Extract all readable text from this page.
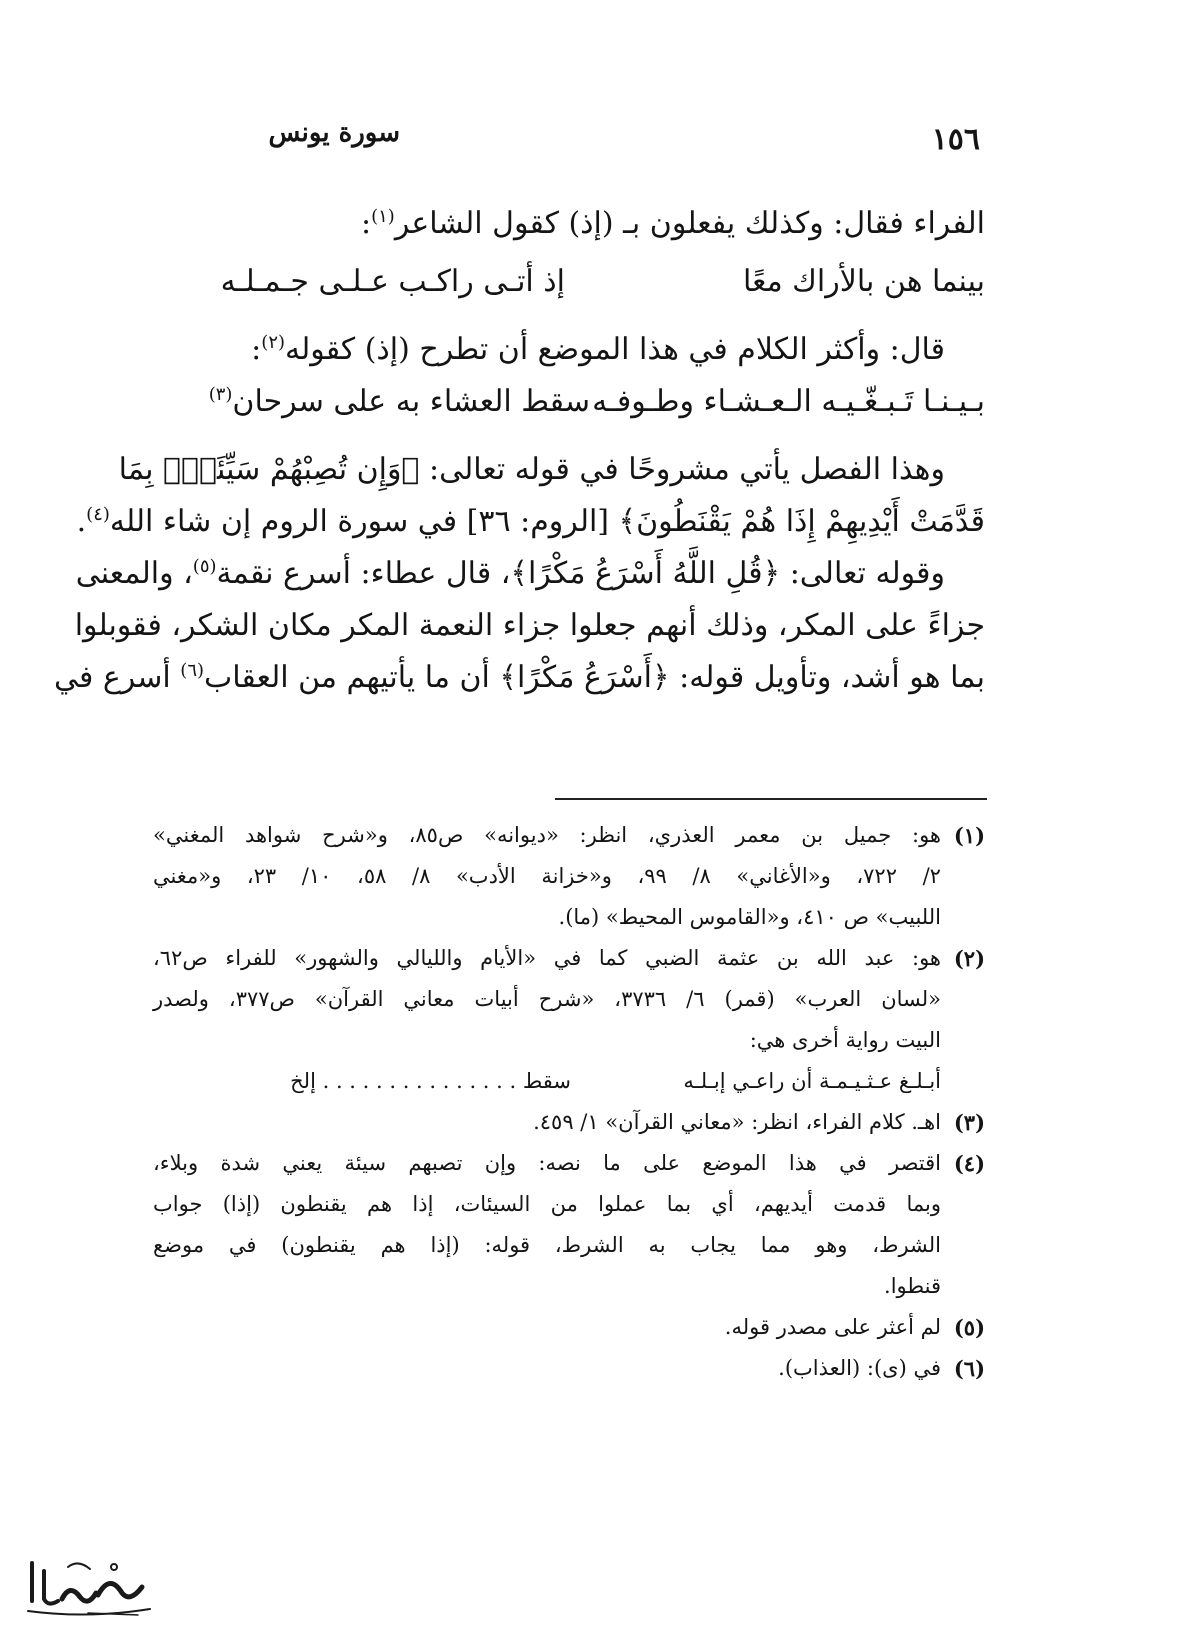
سورة يونس	١٥٦
الفراء فقال: وكذلك يفعلون بـ (إذ) كقول الشاعر$^{(١)}$:
بينما هن بالأراك معًا
إذ أتـى راكـب عـلـى جـمـلـه
قال: وأكثر الكلام في هذا الموضع أن تطرح (إذ) كقوله$^{(٢)}$:
بـيـنـا تَـبـغّـيـه الـعـشـاء وطـوفـه
سقط العشاء به على سرحان$^{(٣)}$
وهذا الفصل يأتي مشروحًا في قوله تعالى: ﴿وَإِن تُصِبْهُمْ سَيِّئَةٌۢ بِمَا
قَدَّمَتْ أَيْدِيهِمْ إِذَا هُمْ يَقْنَطُونَ﴾ [الروم: ٣٦] في سورة الروم إن شاء الله$^{(٤)}$.
وقوله تعالى: ﴿قُلِ اللَّهُ أَسْرَعُ مَكْرًا﴾، قال عطاء: أسرع نقمة$^{(٥)}$، والمعنى
جزاءً على المكر، وذلك أنهم جعلوا جزاء النعمة المكر مكان الشكر، فقوبلوا
بما هو أشد، وتأويل قوله: ﴿أَسْرَعُ مَكْرًا﴾ أن ما يأتيهم من العقاب$^{(٦)}$ أسرع في
(١)
هو: جميل بن معمر العذري، انظر: «ديوانه» ص٨٥، و«شرح شواهد المغني»
٢/ ٧٢٢، و«الأغاني» ٨/ ٩٩، و«خزانة الأدب» ٨/ ٥٨، ١٠/ ٢٣، و«مغني
اللبيب» ص ٤١٠، و«القاموس المحيط» (ما).
(٢)
هو: عبد الله بن عثمة الضبي كما في «الأيام والليالي والشهور» للفراء ص٦٢،
«لسان العرب» (قمر) ٦/ ٣٧٣٦، «شرح أبيات معاني القرآن» ص٣٧٧، ولصدر
البيت رواية أخرى هي:
أبـلـغ عـثـيـمـة أن راعـي إبـلـه
سقط . . . . . . . . . . . . . . . إلخ
(٣)
اهـ. كلام الفراء، انظر: «معاني القرآن» ١/ ٤٥٩.
(٤)
اقتصر في هذا الموضع على ما نصه: وإن تصبهم سيئة يعني شدة وبلاء،
وبما قدمت أيديهم، أي بما عملوا من السيئات، إذا هم يقنطون (إذا) جواب
الشرط، وهو مما يجاب به الشرط، قوله: (إذا هم يقنطون) في موضع
قنطوا.
(٥)
لم أعثر على مصدر قوله.
(٦)
في (ى): (العذاب).
